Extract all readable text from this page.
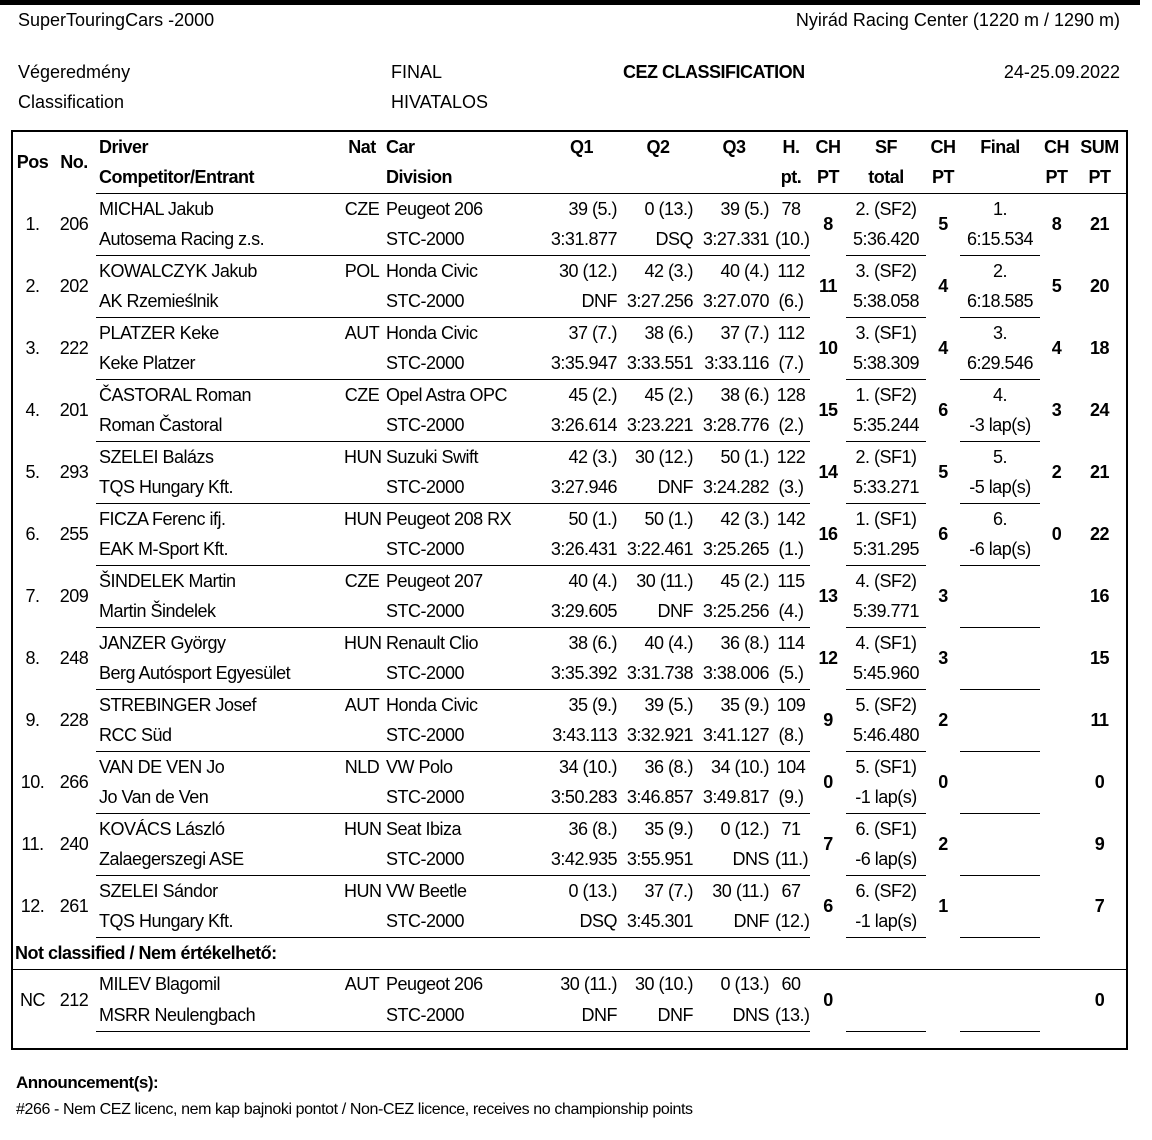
SuperTouringCars -2000	Nyirád Racing Center (1220 m / 1290 m)
Végeredmény
Classification
FINAL
HIVATALOS
CEZ CLASSIFICATION	24-25.09.2022
Pos	No.	Driver	Nat	Car	Q1	Q2	Q3	H.	CH	SF	CH	Final	CH	SUM
		Competitor/Entrant		Division				pt.	PT	total	PT		PT	PT
1.	206	MICHAL Jakub	CZE	Peugeot 206	39 (5.)	0 (13.)	39 (5.)	78	8	2. (SF2)	5	1.	8	21
		Autosema Racing z.s.		STC-2000	3:31.877	DSQ	3:27.331	(10.)		5:36.420		6:15.534		
2.	202	KOWALCZYK Jakub	POL	Honda Civic	30 (12.)	42 (3.)	40 (4.)	112	11	3. (SF2)	4	2.	5	20
		AK Rzemieślnik		STC-2000	DNF	3:27.256	3:27.070	(6.)		5:38.058		6:18.585		
3.	222	PLATZER Keke	AUT	Honda Civic	37 (7.)	38 (6.)	37 (7.)	112	10	3. (SF1)	4	3.	4	18
		Keke Platzer		STC-2000	3:35.947	3:33.551	3:33.116	(7.)		5:38.309		6:29.546		
4.	201	ČASTORAL Roman	CZE	Opel Astra OPC	45 (2.)	45 (2.)	38 (6.)	128	15	1. (SF2)	6	4.	3	24
		Roman Častoral		STC-2000	3:26.614	3:23.221	3:28.776	(2.)		5:35.244		-3 lap(s)		
5.	293	SZELEI Balázs	HUN	Suzuki Swift	42 (3.)	30 (12.)	50 (1.)	122	14	2. (SF1)	5	5.	2	21
		TQS Hungary Kft.		STC-2000	3:27.946	DNF	3:24.282	(3.)		5:33.271		-5 lap(s)		
6.	255	FICZA Ferenc ifj.	HUN	Peugeot 208 RX	50 (1.)	50 (1.)	42 (3.)	142	16	1. (SF1)	6	6.	0	22
		EAK M-Sport Kft.		STC-2000	3:26.431	3:22.461	3:25.265	(1.)		5:31.295		-6 lap(s)		
7.	209	ŠINDELEK Martin	CZE	Peugeot 207	40 (4.)	30 (11.)	45 (2.)	115	13	4. (SF2)	3			16
		Martin Šindelek		STC-2000	3:29.605	DNF	3:25.256	(4.)		5:39.771				
8.	248	JANZER György	HUN	Renault Clio	38 (6.)	40 (4.)	36 (8.)	114	12	4. (SF1)	3			15
		Berg Autósport Egyesület		STC-2000	3:35.392	3:31.738	3:38.006	(5.)		5:45.960				
9.	228	STREBINGER Josef	AUT	Honda Civic	35 (9.)	39 (5.)	35 (9.)	109	9	5. (SF2)	2			11
		RCC Süd		STC-2000	3:43.113	3:32.921	3:41.127	(8.)		5:46.480				
10.	266	VAN DE VEN Jo	NLD	VW Polo	34 (10.)	36 (8.)	34 (10.)	104	0	5. (SF1)	0			0
		Jo Van de Ven		STC-2000	3:50.283	3:46.857	3:49.817	(9.)		-1 lap(s)				
11.	240	KOVÁCS László	HUN	Seat Ibiza	36 (8.)	35 (9.)	0 (12.)	71	7	6. (SF1)	2			9
		Zalaegerszegi ASE		STC-2000	3:42.935	3:55.951	DNS	(11.)		-6 lap(s)				
12.	261	SZELEI Sándor	HUN	VW Beetle	0 (13.)	37 (7.)	30 (11.)	67	6	6. (SF2)	1			7
		TQS Hungary Kft.		STC-2000	DSQ	3:45.301	DNF	(12.)		-1 lap(s)				
Not classified / Nem értékelhető:														
NC	212	MILEV Blagomil	AUT	Peugeot 206	30 (11.)	30 (10.)	0 (13.)	60	0					0
		MSRR Neulengbach		STC-2000	DNF	DNF	DNS	(13.)						

Announcement(s):
#266 - Nem CEZ licenc, nem kap bajnoki pontot / Non-CEZ licence, receives no championship points
